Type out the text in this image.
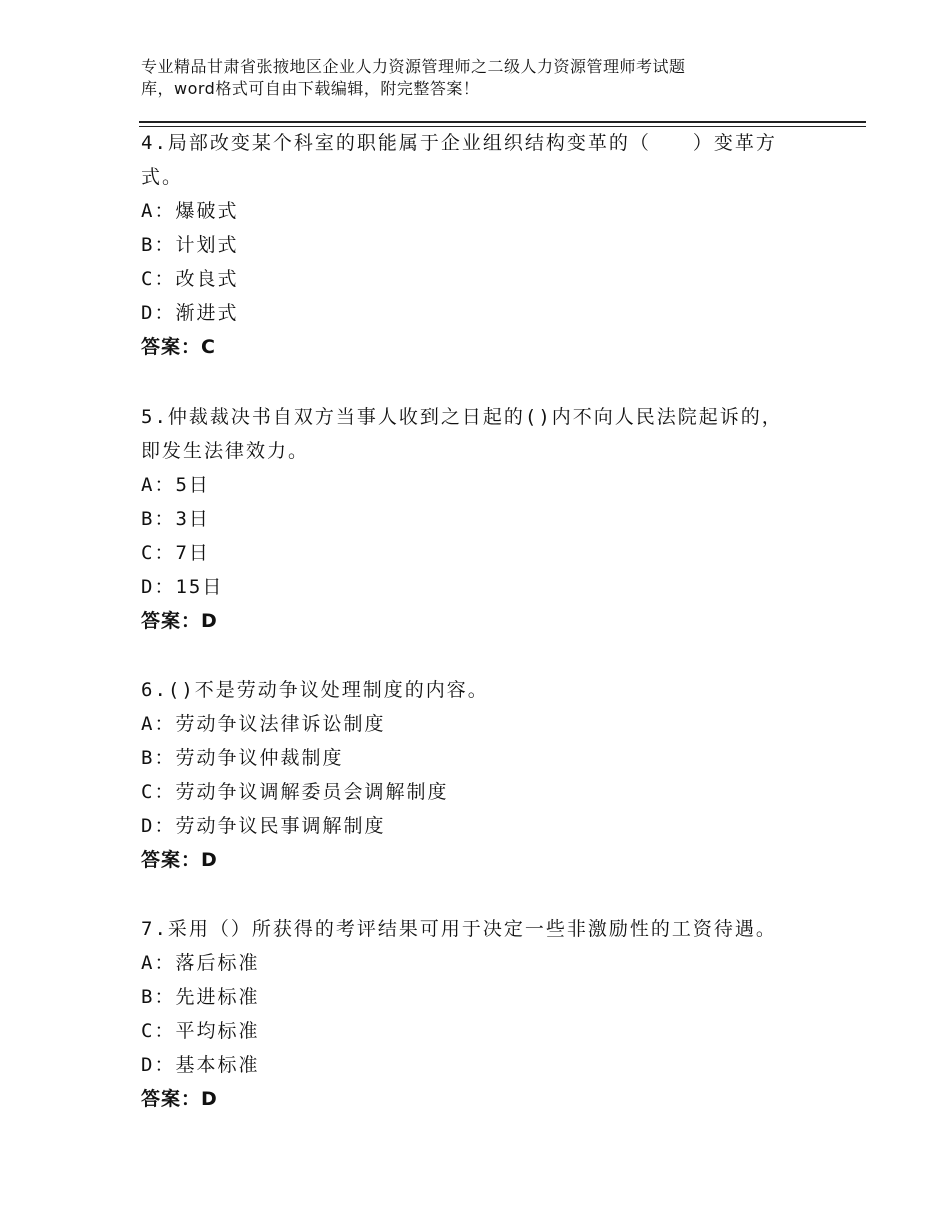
专业精品甘肃省张掖地区企业人力资源管理师之二级人力资源管理师考试题
库，word格式可自由下载编辑，附完整答案！
4.局部改变某个科室的职能属于企业组织结构变革的（　　）变革方
式。
A：爆破式
B：计划式
C：改良式
D：渐进式
答案：C
5.仲裁裁决书自双方当事人收到之日起的()内不向人民法院起诉的，
即发生法律效力。
A：5日
B：3日
C：7日
D：15日
答案：D
6.()不是劳动争议处理制度的内容。
A：劳动争议法律诉讼制度
B：劳动争议仲裁制度
C：劳动争议调解委员会调解制度
D：劳动争议民事调解制度
答案：D
7.采用（）所获得的考评结果可用于决定一些非激励性的工资待遇。
A：落后标准
B：先进标准
C：平均标准
D：基本标准
答案：D
